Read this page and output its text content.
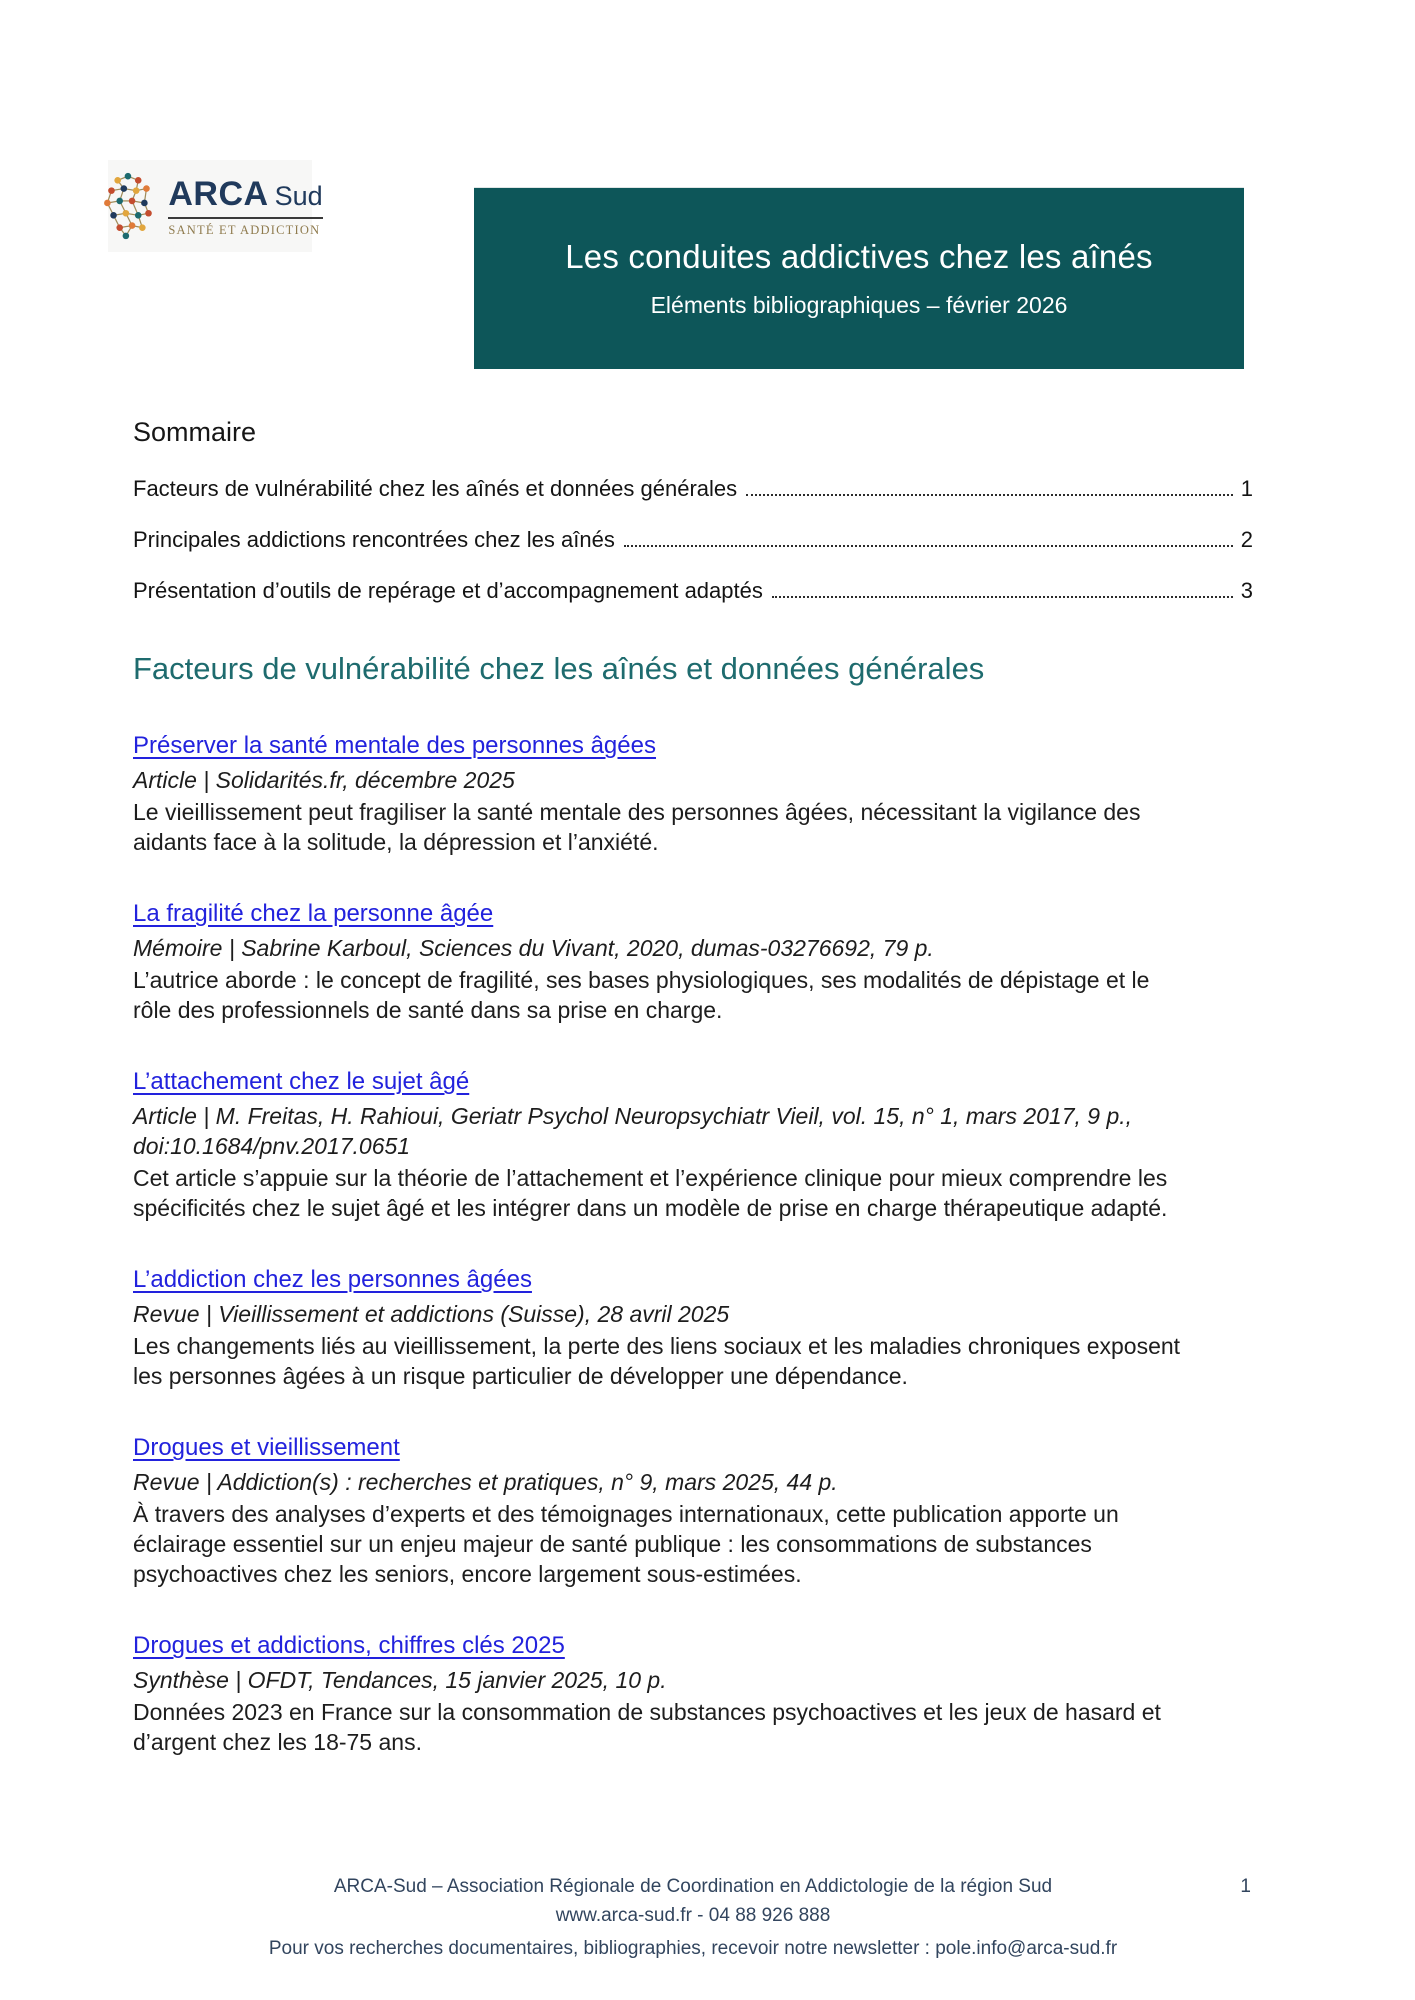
ARCA Sud
SANTÉ ET ADDICTION
Les conduites addictives chez les aînés
Eléments bibliographiques – février 2026
Sommaire
Facteurs de vulnérabilité chez les aînés et données générales	1
Principales addictions rencontrées chez les aînés	2
Présentation d’outils de repérage et d’accompagnement adaptés	3
Facteurs de vulnérabilité chez les aînés et données générales
Préserver la santé mentale des personnes âgées
Article | Solidarités.fr, décembre 2025
Le vieillissement peut fragiliser la santé mentale des personnes âgées, nécessitant la vigilance des aidants face à la solitude, la dépression et l’anxiété.
La fragilité chez la personne âgée
Mémoire | Sabrine Karboul, Sciences du Vivant, 2020, dumas-03276692, 79 p.
L’autrice aborde : le concept de fragilité, ses bases physiologiques, ses modalités de dépistage et le rôle des professionnels de santé dans sa prise en charge.
L’attachement chez le sujet âgé
Article | M. Freitas, H. Rahioui, Geriatr Psychol Neuropsychiatr Vieil, vol. 15, n° 1, mars 2017, 9 p., doi:10.1684/pnv.2017.0651
Cet article s’appuie sur la théorie de l’attachement et l’expérience clinique pour mieux comprendre les spécificités chez le sujet âgé et les intégrer dans un modèle de prise en charge thérapeutique adapté.
L’addiction chez les personnes âgées
Revue | Vieillissement et addictions (Suisse), 28 avril 2025
Les changements liés au vieillissement, la perte des liens sociaux et les maladies chroniques exposent les personnes âgées à un risque particulier de développer une dépendance.
Drogues et vieillissement
Revue | Addiction(s) : recherches et pratiques, n° 9, mars 2025, 44 p.
À travers des analyses d’experts et des témoignages internationaux, cette publication apporte un éclairage essentiel sur un enjeu majeur de santé publique : les consommations de substances psychoactives chez les seniors, encore largement sous-estimées.
Drogues et addictions, chiffres clés 2025
Synthèse | OFDT, Tendances, 15 janvier 2025, 10 p.
Données 2023 en France sur la consommation de substances psychoactives et les jeux de hasard et d’argent chez les 18-75 ans.
ARCA-Sud – Association Régionale de Coordination en Addictologie de la région Sud
www.arca-sud.fr - 04 88 926 888
Pour vos recherches documentaires, bibliographies, recevoir notre newsletter : pole.info@arca-sud.fr
1
